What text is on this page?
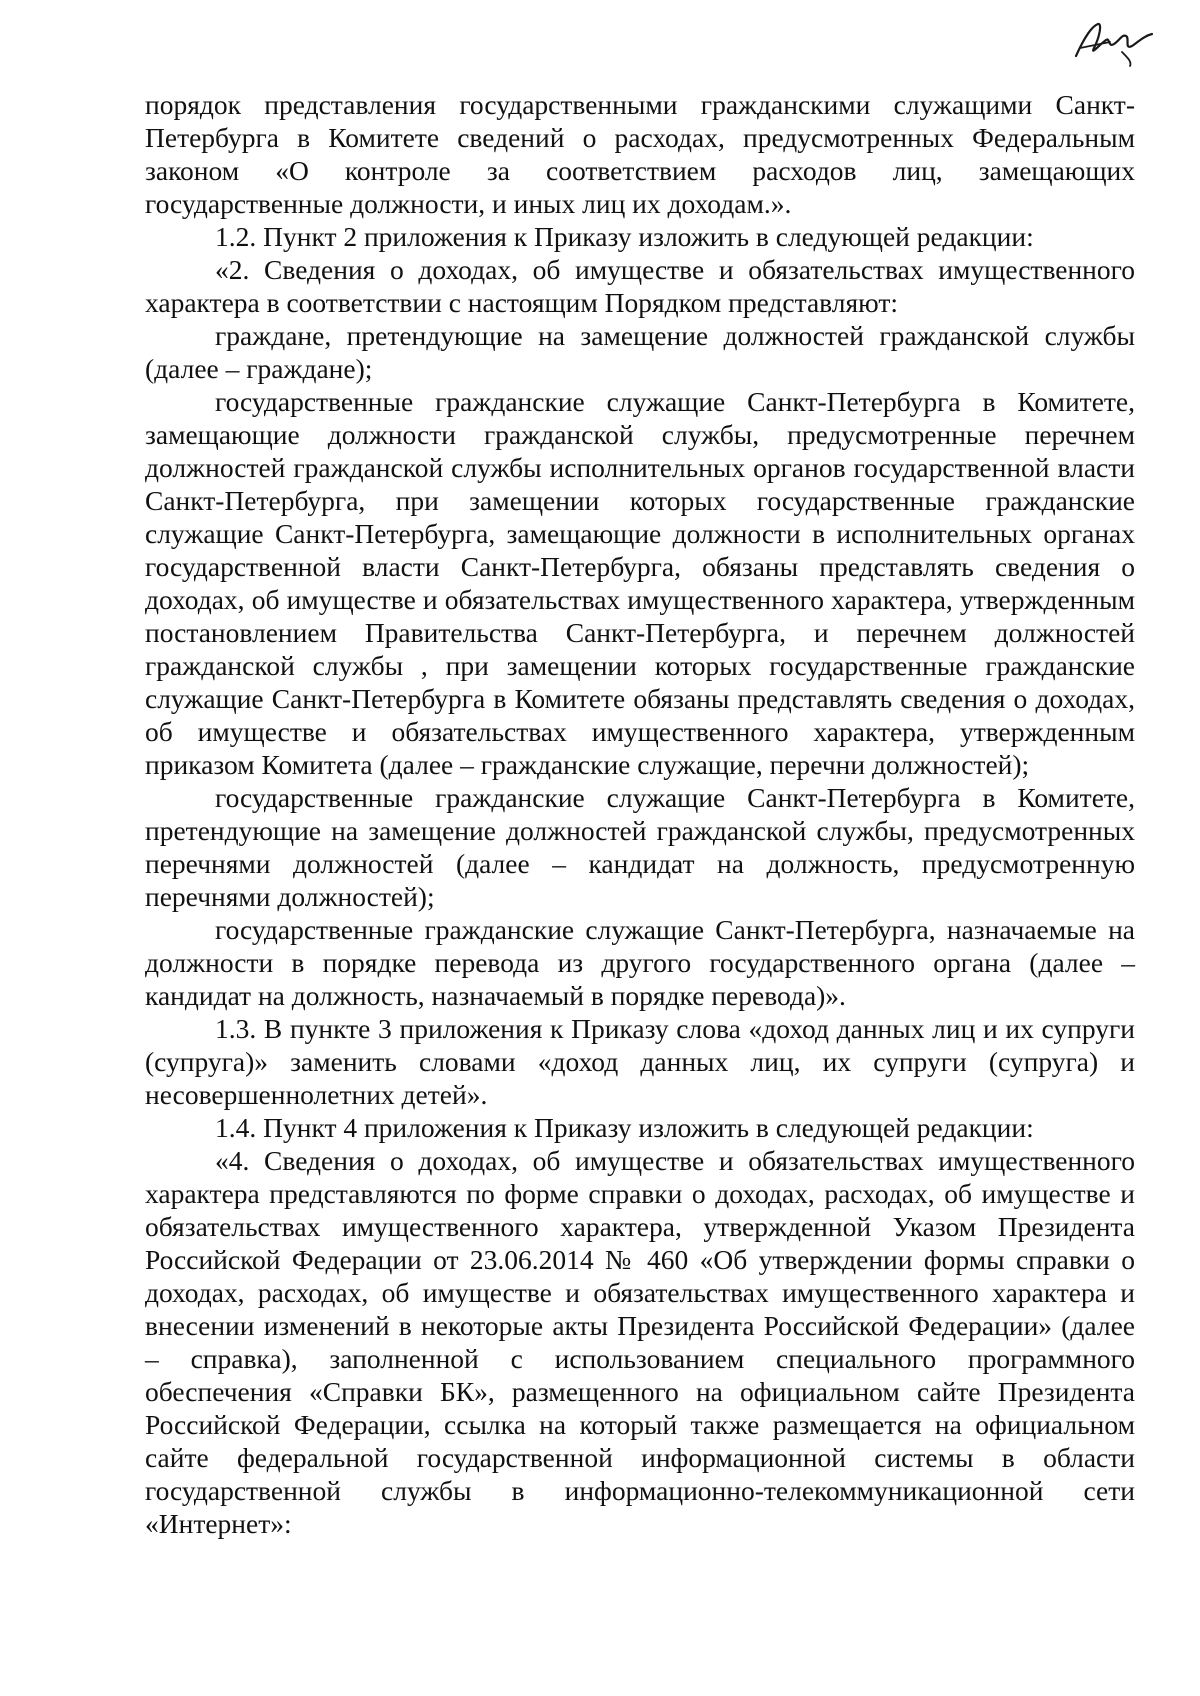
порядок представления государственными гражданскими служащими Санкт-Петербурга в Комитете сведений о расходах, предусмотренных Федеральным законом «О контроле за соответствием расходов лиц, замещающих государственные должности, и иных лиц их доходам.».

1.2. Пункт 2 приложения к Приказу изложить в следующей редакции:

«2. Сведения о доходах, об имуществе и обязательствах имущественного характера в соответствии с настоящим Порядком представляют:

граждане, претендующие на замещение должностей гражданской службы (далее – граждане);

государственные гражданские служащие Санкт-Петербурга в Комитете, замещающие должности гражданской службы, предусмотренные перечнем должностей гражданской службы исполнительных органов государственной власти Санкт-Петербурга, при замещении которых государственные гражданские служащие Санкт-Петербурга, замещающие должности в исполнительных органах государственной власти Санкт-Петербурга, обязаны представлять сведения о доходах, об имуществе и обязательствах имущественного характера, утвержденным постановлением Правительства Санкт-Петербурга, и перечнем должностей гражданской службы , при замещении которых государственные гражданские служащие Санкт-Петербурга в Комитете обязаны представлять сведения о доходах, об имуществе и обязательствах имущественного характера, утвержденным приказом Комитета (далее – гражданские служащие, перечни должностей);

государственные гражданские служащие Санкт-Петербурга в Комитете, претендующие на замещение должностей гражданской службы, предусмотренных перечнями должностей (далее – кандидат на должность, предусмотренную перечнями должностей);

государственные гражданские служащие Санкт-Петербурга, назначаемые на должности в порядке перевода из другого государственного органа (далее – кандидат на должность, назначаемый в порядке перевода)».

1.3. В пункте 3 приложения к Приказу слова «доход данных лиц и их супруги (супруга)» заменить словами «доход данных лиц, их супруги (супруга) и несовершеннолетних детей».

1.4. Пункт 4 приложения к Приказу изложить в следующей редакции:

«4. Сведения о доходах, об имуществе и обязательствах имущественного характера представляются по форме справки о доходах, расходах, об имуществе и обязательствах имущественного характера, утвержденной Указом Президента Российской Федерации от 23.06.2014 № 460 «Об утверждении формы справки о доходах, расходах, об имуществе и обязательствах имущественного характера и внесении изменений в некоторые акты Президента Российской Федерации» (далее – справка), заполненной с использованием специального программного обеспечения «Справки БК», размещенного на официальном сайте Президента Российской Федерации, ссылка на который также размещается на официальном сайте федеральной государственной информационной системы в области государственной службы в информационно-телекоммуникационной сети «Интернет»:
